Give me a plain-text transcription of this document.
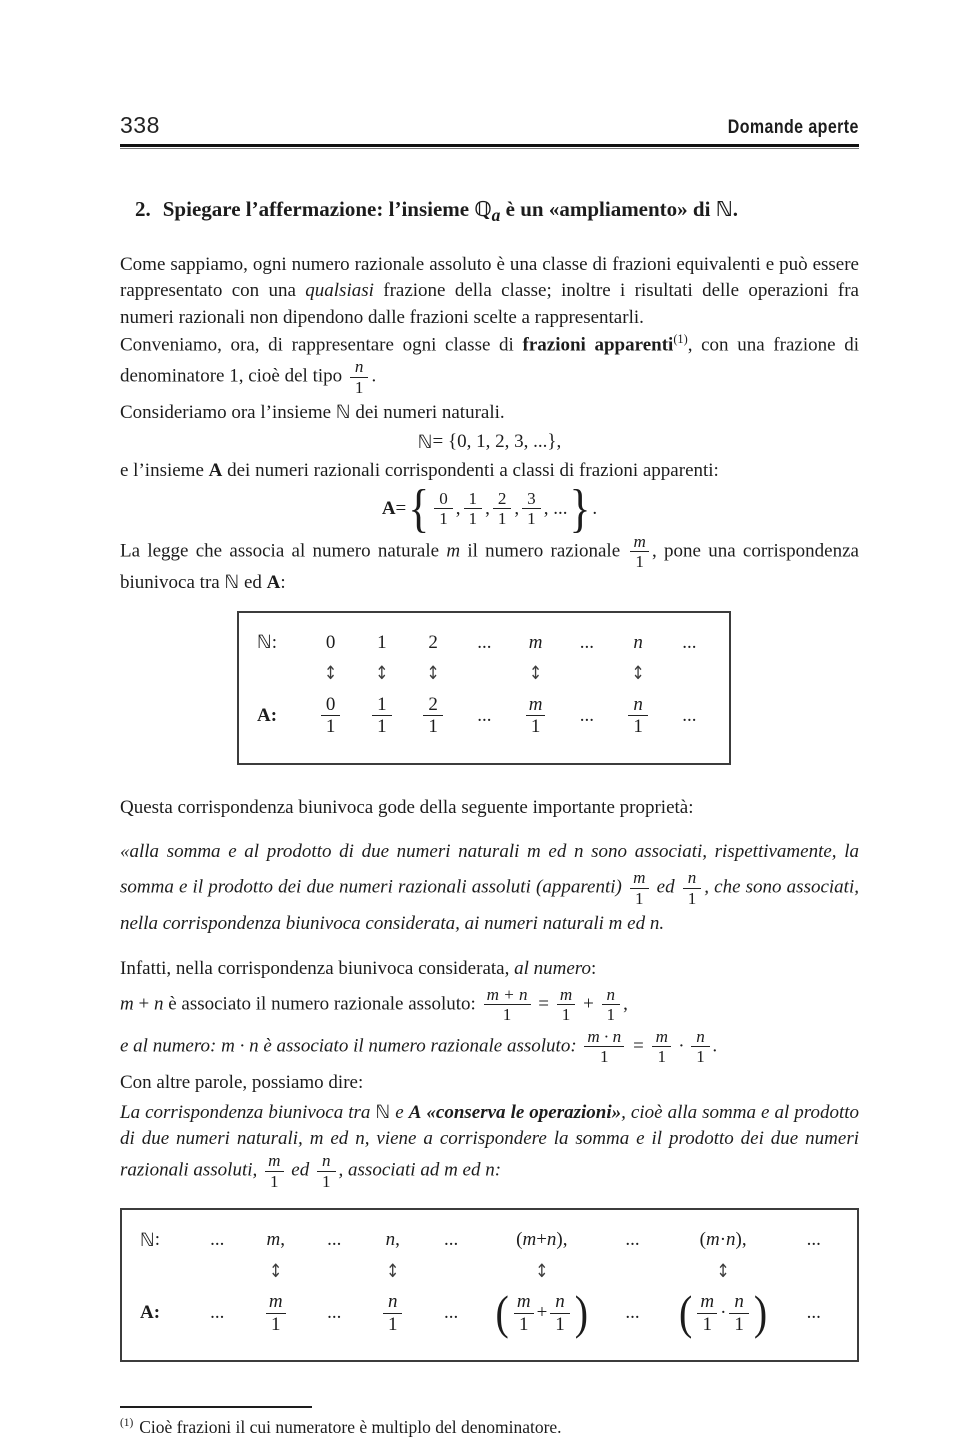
338	Domande aperte
2. Spiegare l’affermazione: l’insieme ℚ$_a$ è un «ampliamento» di ℕ.

Come sappiamo, ogni numero razionale assoluto è una classe di frazioni equivalenti e può essere rappresentato con una qualsiasi frazione della classe; inoltre i risultati delle operazioni fra numeri razionali non dipendono dalle frazioni scelte a rappresentarli.

Conveniamo, ora, di rappresentare ogni classe di frazioni apparenti$^{(1)}$, con una frazione di denominatore 1, cioè del tipo $\frac{n}{1}$ .

Consideriamo ora l’insieme ℕ dei numeri naturali.

ℕ = {0, 1, 2, 3, ...},

e l’insieme A dei numeri razionali corrispondenti a classi di frazioni apparenti:

A = { $\frac{0}{1}$ , $\frac{1}{1}$ , $\frac{2}{1}$ , $\frac{3}{1}$ , ... } .

La legge che associa al numero naturale m il numero razionale $\frac{m}{1}$ , pone una corrispondenza biunivoca tra ℕ ed A:

ℕ :
A:
0
↕
$\frac{0}{1}$
1
↕
$\frac{1}{1}$
2
↕
$\frac{2}{1}$
...
...
m
↕
$\frac{m}{1}$
...
...
n
↕
$\frac{n}{1}$
...
...

Questa corrispondenza biunivoca gode della seguente importante proprietà:

«alla somma e al prodotto di due numeri naturali m ed n sono associati, rispettivamente, la somma e il prodotto dei due numeri razionali assoluti (apparenti) $\frac{m}{1}$ ed $\frac{n}{1}$ , che sono associati, nella corrispondenza biunivoca considerata, ai numeri naturali m ed n.

Infatti, nella corrispondenza biunivoca considerata, al numero:

m + n è associato il numero razionale assoluto: $\frac{m + n}{1} = \frac{m}{1} + \frac{n}{1}$ ,

e al numero: m · n è associato il numero razionale assoluto: $\frac{m \cdot n}{1} = \frac{m}{1} \cdot \frac{n}{1}$ .

Con altre parole, possiamo dire:

La corrispondenza biunivoca tra ℕ e A «conserva le operazioni», cioè alla somma e al prodotto di due numeri naturali, m ed n, viene a corrispondere la somma e il prodotto dei due numeri razionali assoluti, $\frac{m}{1}$ ed $\frac{n}{1}$ , associati ad m ed n:

ℕ :
A:
...
...
m ,
↕
$\frac{m}{1}$
...
...
n ,
↕
$\frac{n}{1}$
...
...
( m + n ),
↕
( $\frac{m}{1} + \frac{n}{1}$ )
...
...
( m · n ),
↕
( $\frac{m}{1} \cdot \frac{n}{1}$ )
...
...

$^{(1)}$ Cioè frazioni il cui numeratore è multiplo del denominatore.
